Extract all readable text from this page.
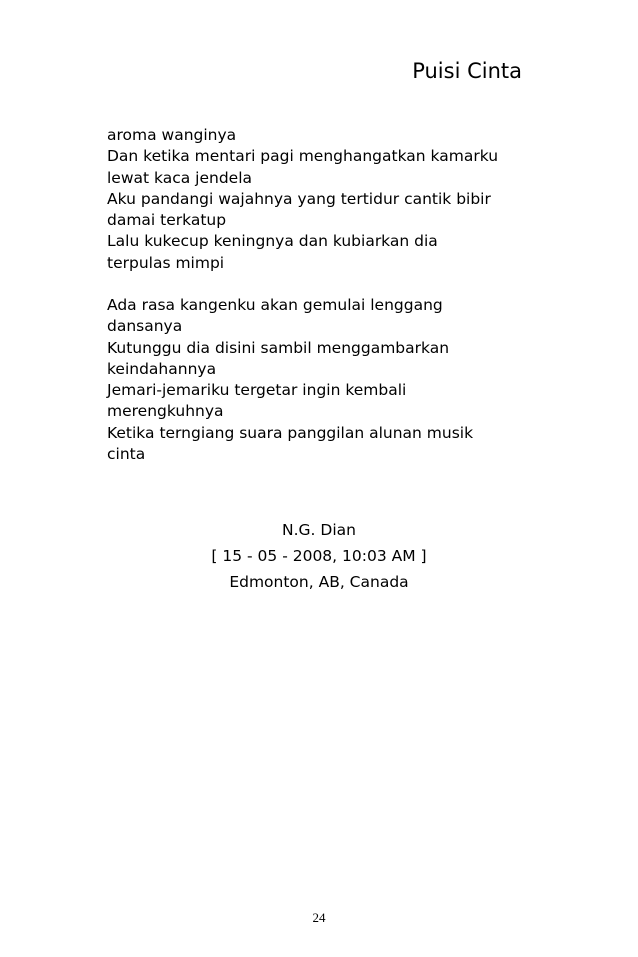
Puisi Cinta
aroma wanginya
Dan ketika mentari pagi menghangatkan kamarku
lewat kaca jendela
Aku pandangi wajahnya yang tertidur cantik bibir
damai terkatup
Lalu kukecup keningnya dan kubiarkan dia
terpulas mimpi
Ada rasa kangenku akan gemulai lenggang
dansanya
Kutunggu dia disini sambil menggambarkan
keindahannya
Jemari-jemariku tergetar ingin kembali
merengkuhnya
Ketika terngiang suara panggilan alunan musik
cinta
N.G. Dian
[ 15 - 05 - 2008, 10:03 AM ]
Edmonton, AB, Canada
24
